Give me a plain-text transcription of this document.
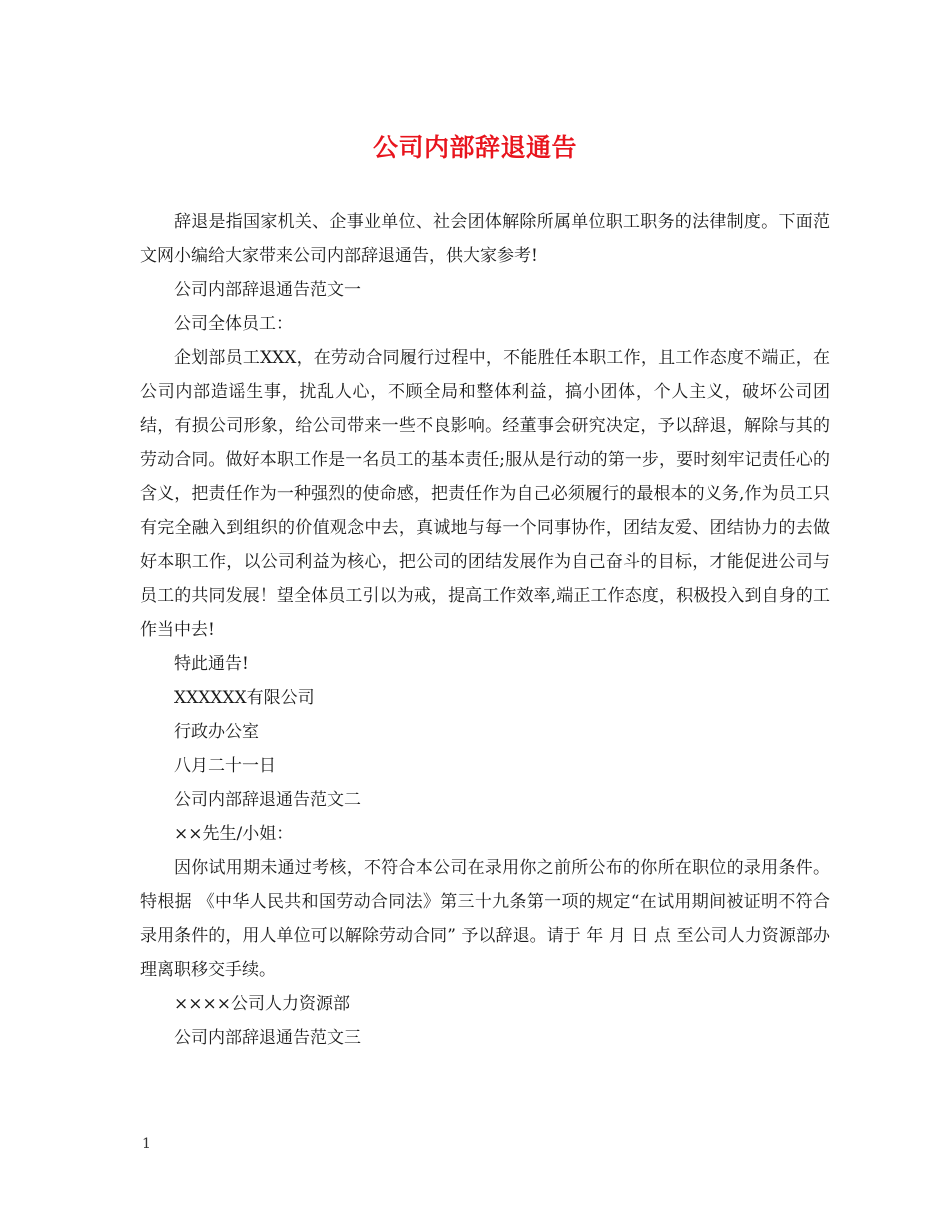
公司内部辞退通告

辞退是指国家机关、企事业单位、社会团体解除所属单位职工职务的法律制度。下面范文网小编给大家带来公司内部辞退通告，供大家参考!

公司内部辞退通告范文一

公司全体员工：

企划部员工XXX，在劳动合同履行过程中，不能胜任本职工作，且工作态度不端正，在公司内部造谣生事，扰乱人心，不顾全局和整体利益，搞小团体，个人主义，破坏公司团结，有损公司形象，给公司带来一些不良影响。经董事会研究决定，予以辞退，解除与其的劳动合同。做好本职工作是一名员工的基本责任;服从是行动的第一步，要时刻牢记责任心的含义，把责任作为一种强烈的使命感，把责任作为自己必须履行的最根本的义务,作为员工只有完全融入到组织的价值观念中去，真诚地与每一个同事协作，团结友爱、团结协力的去做好本职工作，以公司利益为核心，把公司的团结发展作为自己奋斗的目标，才能促进公司与员工的共同发展！望全体员工引以为戒，提高工作效率,端正工作态度，积极投入到自身的工作当中去!

特此通告!

XXXXXX有限公司

行政办公室

八月二十一日

公司内部辞退通告范文二

××先生/小姐：

因你试用期未通过考核，不符合本公司在录用你之前所公布的你所在职位的录用条件。特根据 《中华人民共和国劳动合同法》第三十九条第一项的规定“在试用期间被证明不符合录用条件的，用人单位可以解除劳动合同” 予以辞退。请于 年 月 日 点 至公司人力资源部办理离职移交手续。

××××公司人力资源部

公司内部辞退通告范文三

1
